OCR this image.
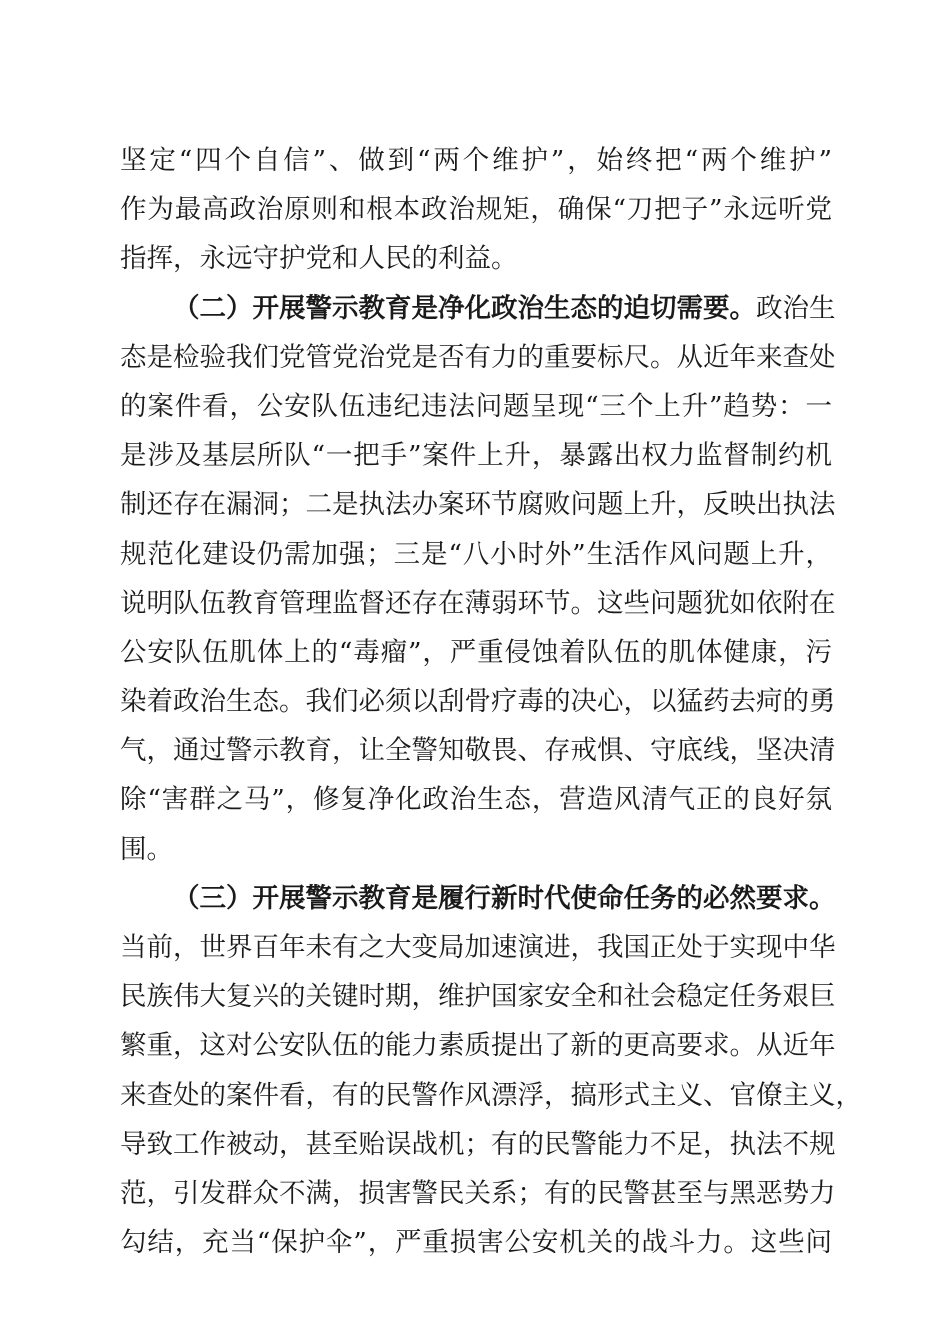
坚定“四个自信”、做到“两个维护”，始终把“两个维护”
作为最高政治原则和根本政治规矩，确保“刀把子”永远听党
指挥，永远守护党和人民的利益。
（二）开展警示教育是净化政治生态的迫切需要。政治生
态是检验我们党管党治党是否有力的重要标尺。从近年来查处
的案件看，公安队伍违纪违法问题呈现“三个上升”趋势：一
是涉及基层所队“一把手”案件上升，暴露出权力监督制约机
制还存在漏洞；二是执法办案环节腐败问题上升，反映出执法
规范化建设仍需加强；三是“八小时外”生活作风问题上升，
说明队伍教育管理监督还存在薄弱环节。这些问题犹如依附在
公安队伍肌体上的“毒瘤”，严重侵蚀着队伍的肌体健康，污
染着政治生态。我们必须以刮骨疗毒的决心，以猛药去疴的勇
气，通过警示教育，让全警知敬畏、存戒惧、守底线，坚决清
除“害群之马”，修复净化政治生态，营造风清气正的良好氛
围。
（三）开展警示教育是履行新时代使命任务的必然要求。
当前，世界百年未有之大变局加速演进，我国正处于实现中华
民族伟大复兴的关键时期，维护国家安全和社会稳定任务艰巨
繁重，这对公安队伍的能力素质提出了新的更高要求。从近年
来查处的案件看，有的民警作风漂浮，搞形式主义、官僚主义，
导致工作被动，甚至贻误战机；有的民警能力不足，执法不规
范，引发群众不满，损害警民关系；有的民警甚至与黑恶势力
勾结，充当“保护伞”，严重损害公安机关的战斗力。这些问
